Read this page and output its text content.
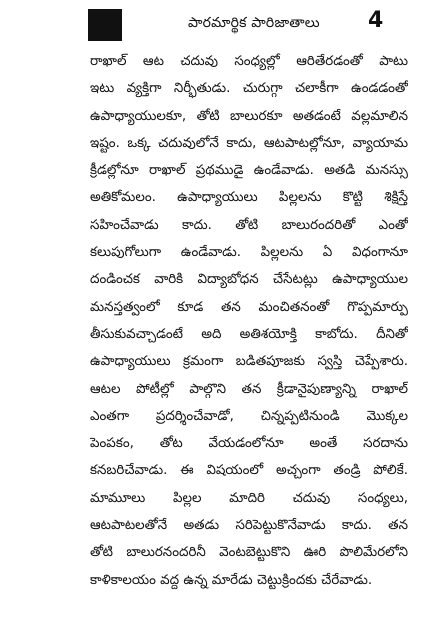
పారమార్థిక పారిజాతాలు 4
రాఖాల్ ఆట చదువు సంధ్యల్లో ఆరితేరడంతో పాటు
ఇటు వ్యక్తిగా నిర్భీతుడు. చురుగ్గా చలాకీగా ఉండడంతో
ఉపాధ్యాయులకూ, తోటి బాలురకూ అతడంటే వల్లమాలిన
ఇష్టం. ఒక్క చదువులోనే కాదు, ఆటపాటల్లోనూ, వ్యాయామ
క్రీడల్లోనూ రాఖాల్ ప్రథముడై ఉండేవాడు. అతడి మనస్సు
అతికోమలం. ఉపాధ్యాయులు పిల్లలను కొట్టి శిక్షిస్తే
సహించేవాడు కాదు. తోటి బాలురందరితో ఎంతో
కలుపుగోలుగా ఉండేవాడు. పిల్లలను ఏ విధంగానూ
దండించక వారికి విద్యాబోధన చేసేటట్లు ఉపాధ్యాయుల
మనస్తత్వంలో కూడ తన మంచితనంతో గొప్పమార్పు
తీసుకువచ్చాడంటే అది అతిశయోక్తి కాబోదు. దీనితో
ఉపాధ్యాయులు క్రమంగా బడితపూజకు స్వస్తి చెప్పేశారు.
ఆటల పోటీల్లో పాల్గొని తన క్రీడానైపుణ్యాన్ని రాఖాల్
ఎంతగా ప్రదర్శించేవాడో, చిన్నప్పటినుండి మొక్కల
పెంపకం, తోట వేయడంలోనూ అంతే సరదాను
కనబరిచేవాడు. ఈ విషయంలో అచ్చంగా తండ్రి పోలికే.
మామూలు పిల్లల మాదిరి చదువు సంధ్యలు,
ఆటపాటలతోనే అతడు సరిపెట్టుకొనేవాడు కాదు. తన
తోటి బాలురనందరినీ వెంటబెట్టుకొని ఊరి పొలిమేరలోని
కాళికాలయం వద్ద ఉన్న మారేడు చెట్టుక్రిందకు చేరేవాడు.
